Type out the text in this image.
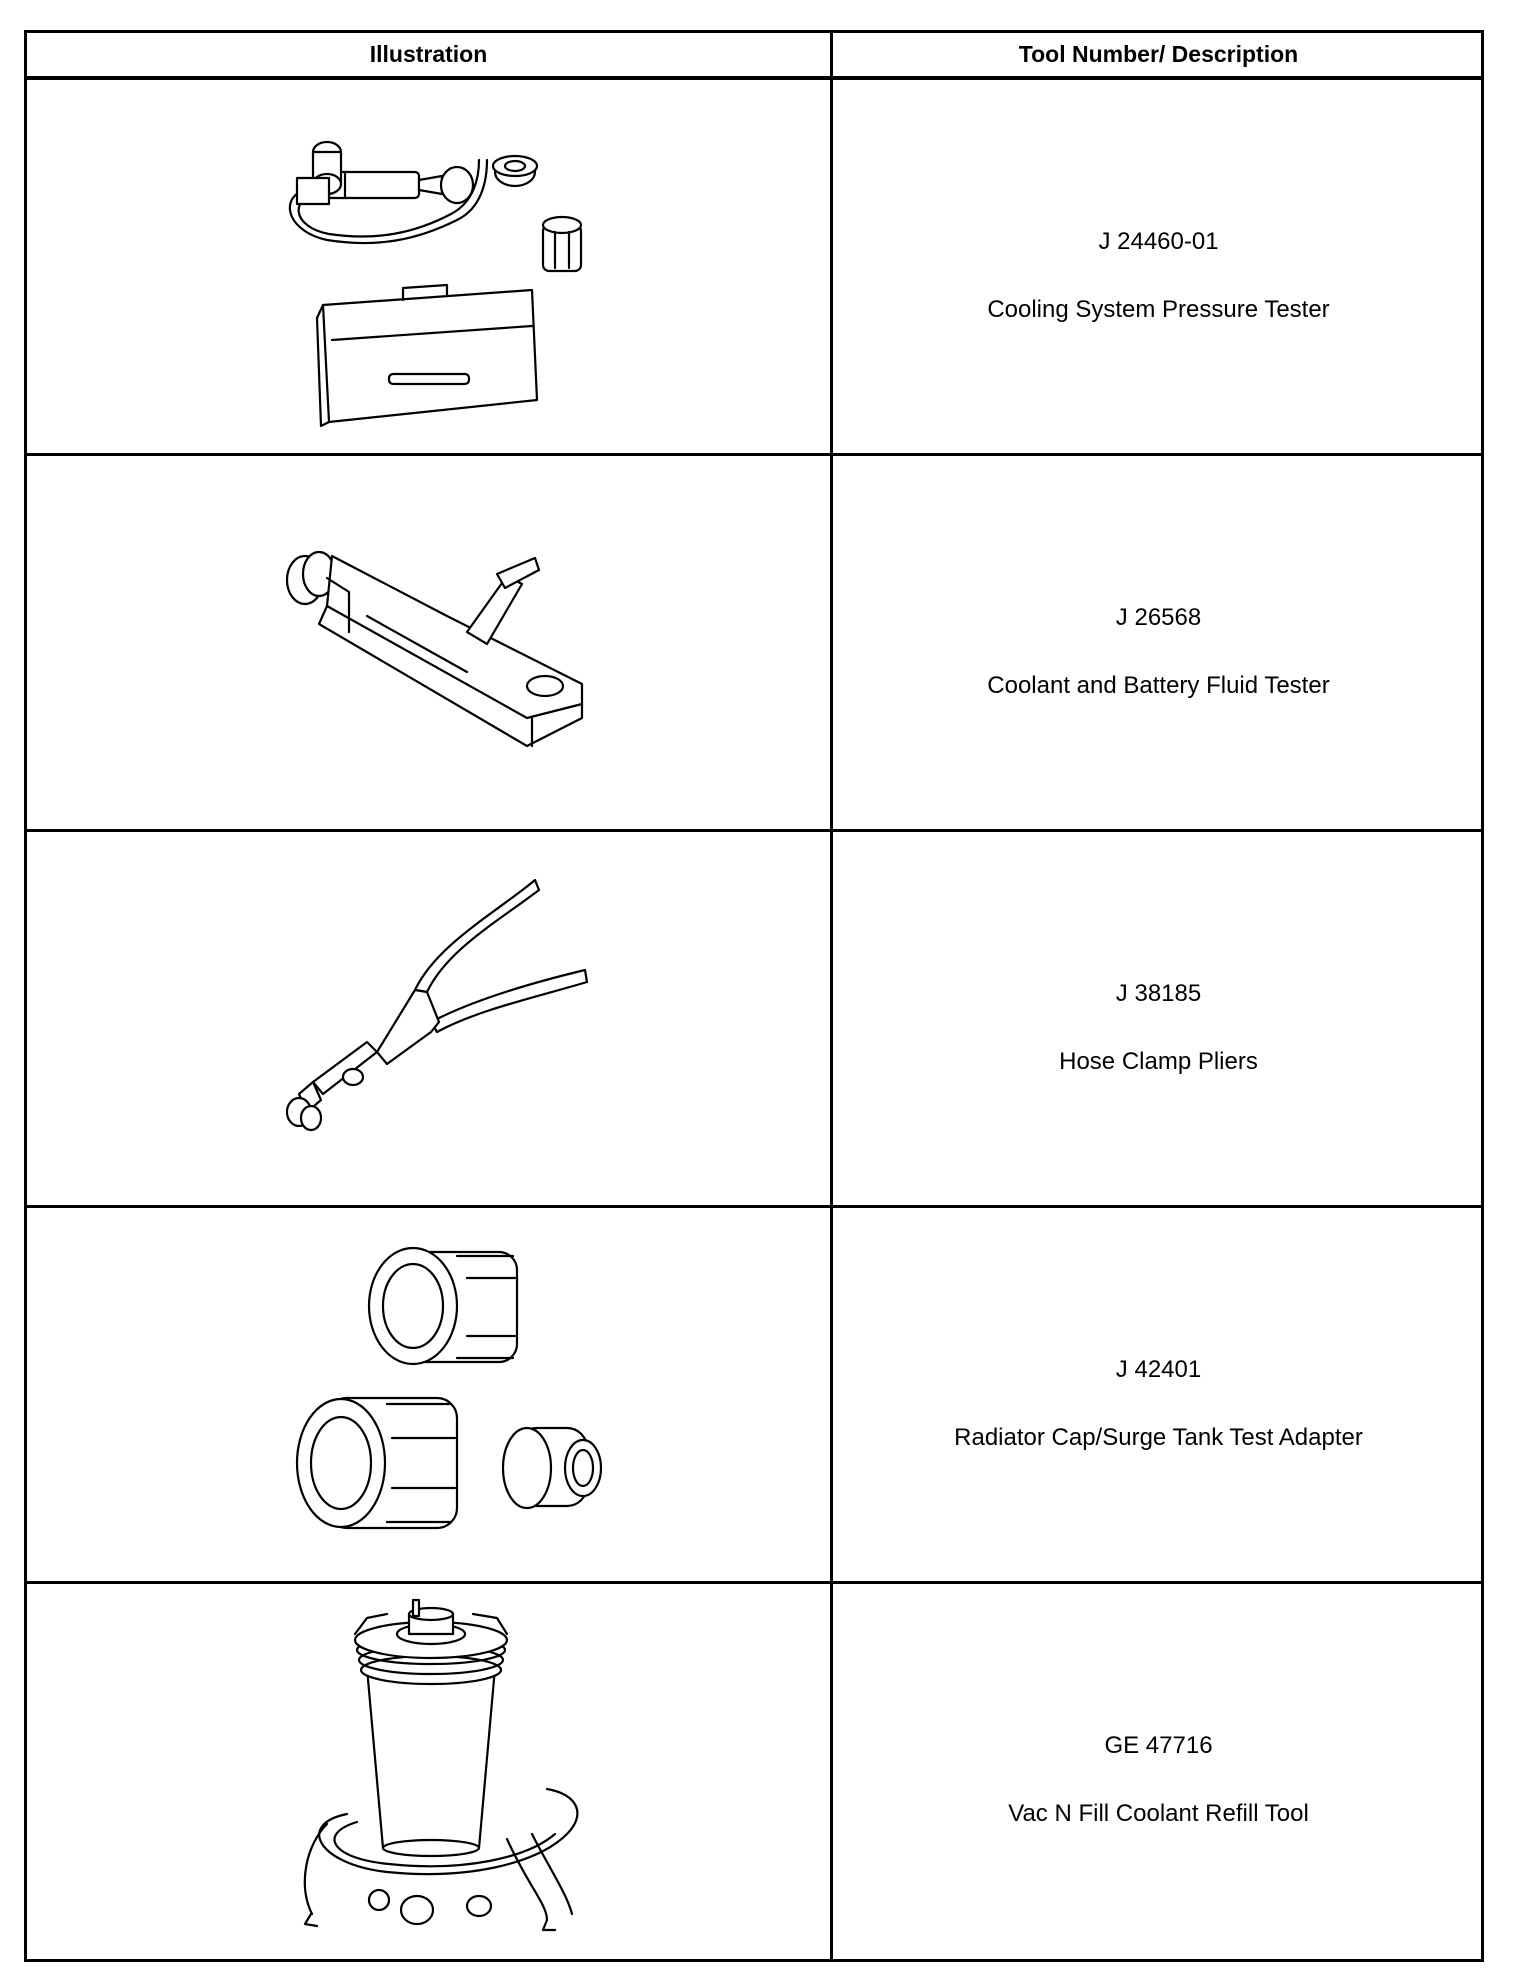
Illustration	Tool Number/ Description
J 24460-01
Cooling System Pressure Tester
J 26568
Coolant and Battery Fluid Tester
J 38185
Hose Clamp Pliers
J 42401
Radiator Cap/Surge Tank Test Adapter
GE 47716
Vac N Fill Coolant Refill Tool
